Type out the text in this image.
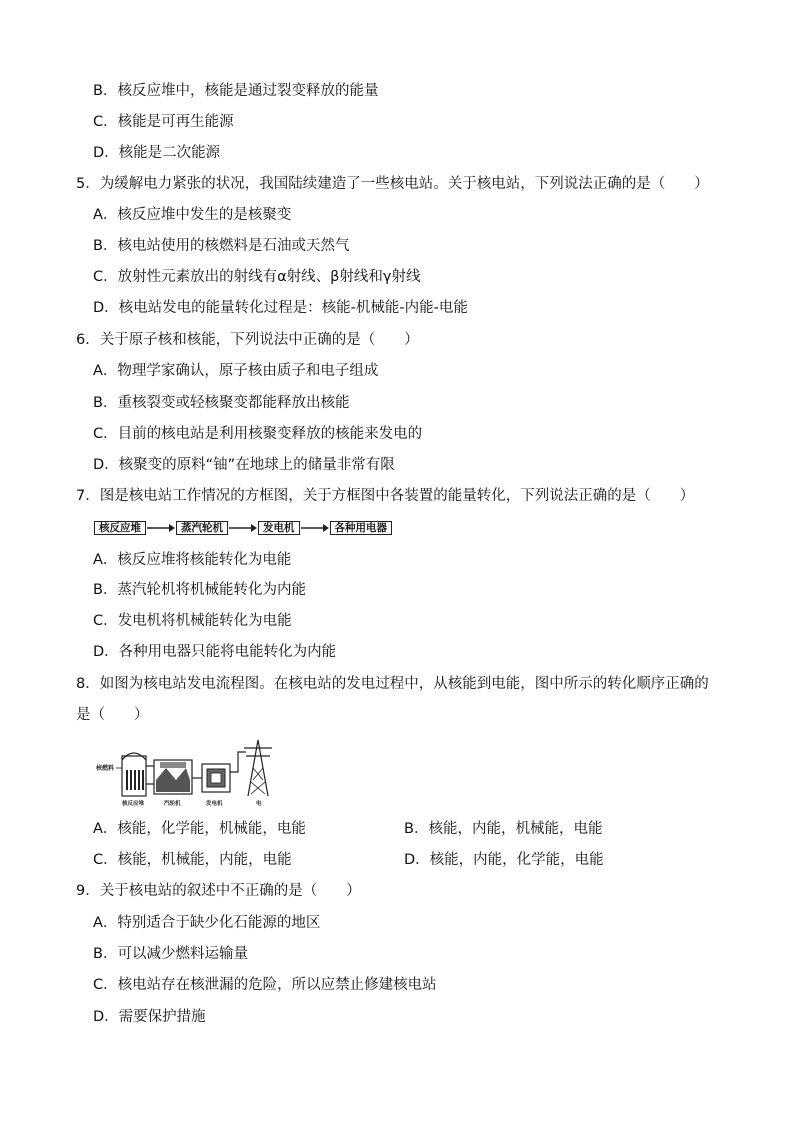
B．核反应堆中，核能是通过裂变释放的能量
C．核能是可再生能源
D．核能是二次能源
5．为缓解电力紧张的状况，我国陆续建造了一些核电站。关于核电站，下列说法正确的是（　　）
A．核反应堆中发生的是核聚变
B．核电站使用的核燃料是石油或天然气
C．放射性元素放出的射线有α射线、β射线和γ射线
D．核电站发电的能量转化过程是：核能-机械能-内能-电能
6．关于原子核和核能，下列说法中正确的是（　　）
A．物理学家确认，原子核由质子和电子组成
B．重核裂变或轻核聚变都能释放出核能
C．目前的核电站是利用核聚变释放的核能来发电的
D．核聚变的原料“铀”在地球上的储量非常有限
7．图是核电站工作情况的方框图，关于方框图中各装置的能量转化，下列说法正确的是（　　）
核反应堆	蒸汽轮机	发电机	各种用电器
A．核反应堆将核能转化为电能
B．蒸汽轮机将机械能转化为内能
C．发电机将机械能转化为电能
D．各种用电器只能将电能转化为内能
8．如图为核电站发电流程图。在核电站的发电过程中，从核能到电能，图中所示的转化顺序正确的
是（　　）
核燃料
核反应堆	汽轮机	发电机	电
A．核能，化学能，机械能，电能	B．核能，内能，机械能，电能
C．核能，机械能，内能，电能	D．核能，内能，化学能，电能
9．关于核电站的叙述中不正确的是（　　）
A．特别适合于缺少化石能源的地区
B．可以减少燃料运输量
C．核电站存在核泄漏的危险，所以应禁止修建核电站
D．需要保护措施
